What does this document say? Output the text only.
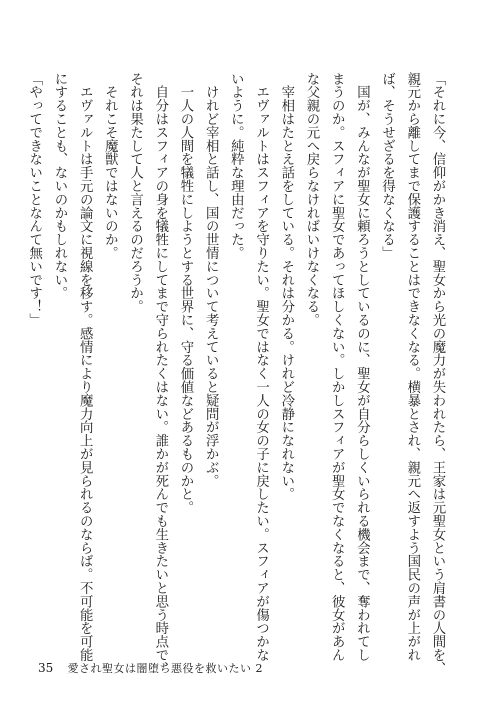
「それに今、信仰がかき消え、聖女から光の魔力が失われたら、王家は元聖女という肩書の人間を、
親元から離してまで保護することはできなくなる。横暴とされ、親元へ返すよう国民の声が上がれ
ば、そうせざるを得なくなる」
　国が、みんなが聖女に頼ろうとしているのに、聖女が自分らしくいられる機会まで、奪われてし
まうのか。スフィアに聖女であってほしくない。しかしスフィアが聖女でなくなると、彼女があん
な父親の元へ戻らなければいけなくなる。
　宰相はたとえ話をしている。それは分かる。けれど冷静になれない。
　エヴァルトはスフィアを守りたい。聖女ではなく一人の女の子に戻したい。スフィアが傷つかな
いように。純粋な理由だった。
　けれど宰相と話し、国の世情について考えていると疑問が浮かぶ。
　一人の人間を犠牲にしようとする世界に、守る価値などあるものかと。
　自分はスフィアの身を犠牲にしてまで守られたくはない。誰かが死んでも生きたいと思う時点で、
それは果たして人と言えるのだろうか。
　それこそ魔獣ではないのか。
　エヴァルトは手元の論文に視線を移す。感情により魔力向上が見られるのならば。不可能を可能
にすることも、ないのかもしれない。
「やってできないことなんて無いです！」
35 愛され聖女は闇堕ち悪役を救いたい 2
